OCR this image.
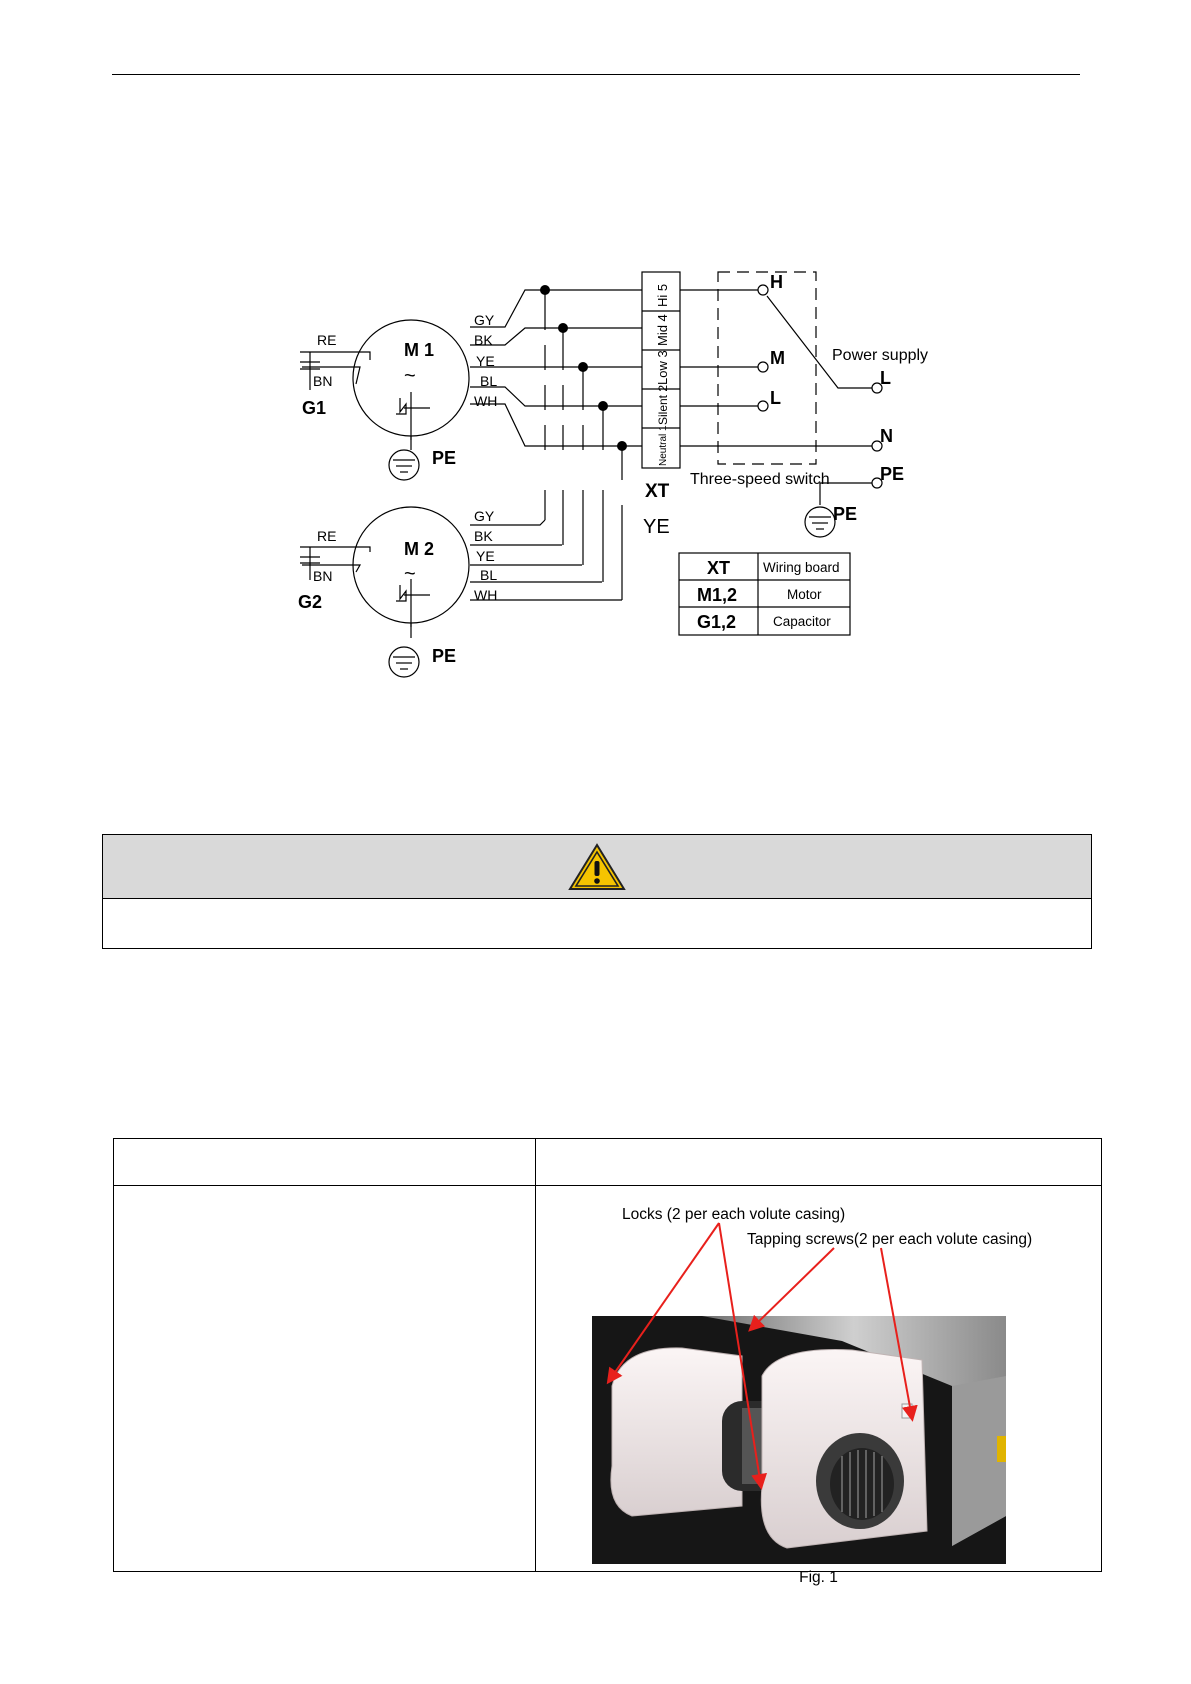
M 1
~
RE
BN
G1
PE
GY
BK
YE
BL
WH
M 2
~
RE
BN
G2
PE
GY
BK
YE
BL
WH
Hi 5
Mid 4
Low 3
Silent 2
Neutral 1
XT
YE
H
M
L
Three-speed switch
Power supply
L
N
PE
PE
XT Wiring board
M1,2	Motor
G1,2	Capacitor
Locks (2 per each volute casing)
Tapping screws(2 per each volute casing)
Fig. 1
